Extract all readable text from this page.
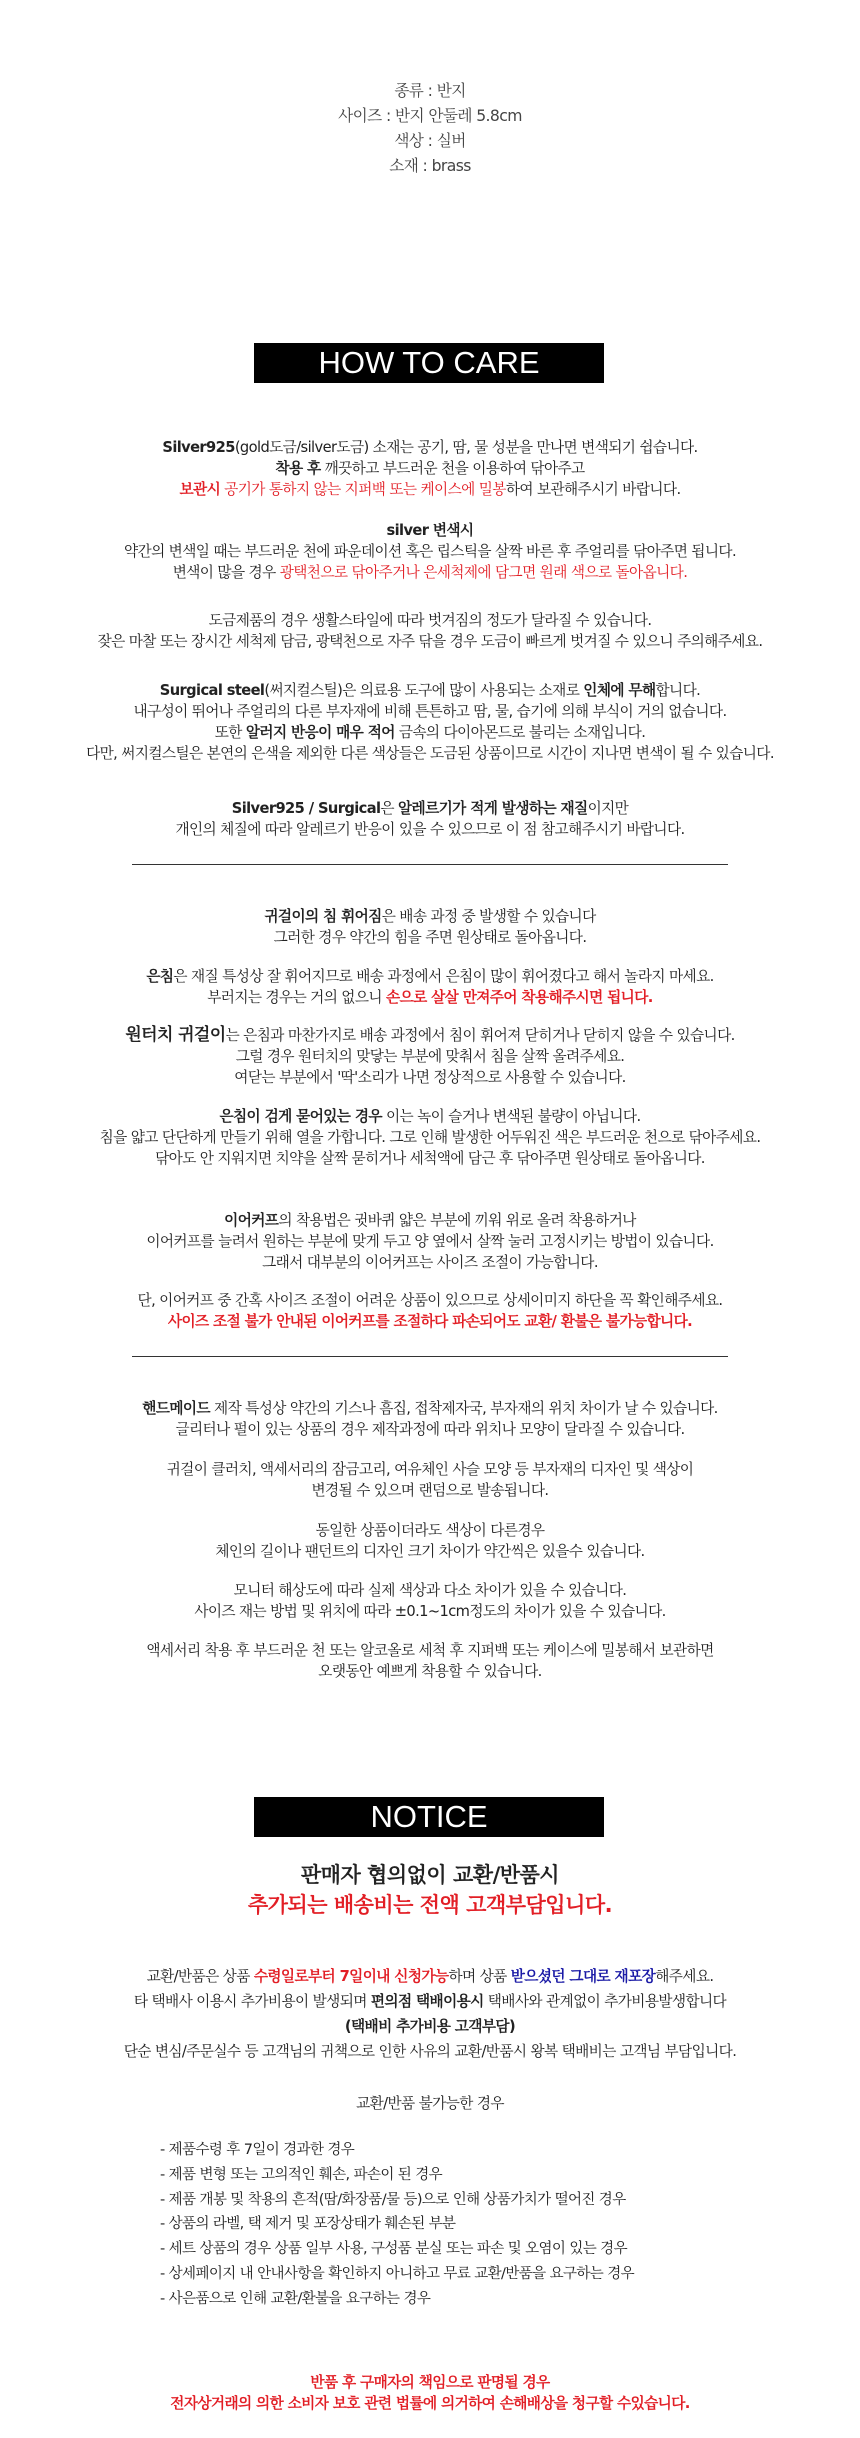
종류 : 반지
사이즈 : 반지 안둘레 5.8cm
색상 : 실버
소재 : brass
HOW TO CARE
Silver925(gold도금/silver도금) 소재는 공기, 땀, 물 성분을 만나면 변색되기 쉽습니다.
착용 후 깨끗하고 부드러운 천을 이용하여 닦아주고
보관시 공기가 통하지 않는 지퍼백 또는 케이스에 밀봉하여 보관해주시기 바랍니다.
silver 변색시
약간의 변색일 때는 부드러운 천에 파운데이션 혹은 립스틱을 살짝 바른 후 주얼리를 닦아주면 됩니다.
변색이 많을 경우 광택천으로 닦아주거나 은세척제에 담그면 원래 색으로 돌아옵니다.
도금제품의 경우 생활스타일에 따라 벗겨짐의 정도가 달라질 수 있습니다.
잦은 마찰 또는 장시간 세척제 담금, 광택천으로 자주 닦을 경우 도금이 빠르게 벗겨질 수 있으니 주의해주세요.
Surgical steel(써지컬스틸)은 의료용 도구에 많이 사용되는 소재로 인체에 무해합니다.
내구성이 뛰어나 주얼리의 다른 부자재에 비해 튼튼하고 땀, 물, 습기에 의해 부식이 거의 없습니다.
또한 알러지 반응이 매우 적어 금속의 다이아몬드로 불리는 소재입니다.
다만, 써지컬스틸은 본연의 은색을 제외한 다른 색상들은 도금된 상품이므로 시간이 지나면 변색이 될 수 있습니다.
Silver925 / Surgical은 알레르기가 적게 발생하는 재질이지만
개인의 체질에 따라 알레르기 반응이 있을 수 있으므로 이 점 참고해주시기 바랍니다.
귀걸이의 침 휘어짐은 배송 과정 중 발생할 수 있습니다
그러한 경우 약간의 힘을 주면 원상태로 돌아옵니다.
은침은 재질 특성상 잘 휘어지므로 배송 과정에서 은침이 많이 휘어졌다고 해서 놀라지 마세요.
부러지는 경우는 거의 없으니 손으로 살살 만져주어 착용해주시면 됩니다.
원터치 귀걸이는 은침과 마찬가지로 배송 과정에서 침이 휘어져 닫히거나 닫히지 않을 수 있습니다.
그럴 경우 원터치의 맞닿는 부분에 맞춰서 침을 살짝 올려주세요.
여닫는 부분에서 '딱'소리가 나면 정상적으로 사용할 수 있습니다.
은침이 검게 묻어있는 경우 이는 녹이 슬거나 변색된 불량이 아닙니다.
침을 얇고 단단하게 만들기 위해 열을 가합니다. 그로 인해 발생한 어두워진 색은 부드러운 천으로 닦아주세요.
닦아도 안 지워지면 치약을 살짝 묻히거나 세척액에 담근 후 닦아주면 원상태로 돌아옵니다.
이어커프의 착용법은 귓바퀴 얇은 부분에 끼워 위로 올려 착용하거나
이어커프를 늘려서 원하는 부분에 맞게 두고 양 옆에서 살짝 눌러 고정시키는 방법이 있습니다.
그래서 대부분의 이어커프는 사이즈 조절이 가능합니다.
단, 이어커프 중 간혹 사이즈 조절이 어려운 상품이 있으므로 상세이미지 하단을 꼭 확인해주세요.
사이즈 조절 불가 안내된 이어커프를 조절하다 파손되어도 교환/ 환불은 불가능합니다.
핸드메이드 제작 특성상 약간의 기스나 흠집, 접착제자국, 부자재의 위치 차이가 날 수 있습니다.
글리터나 펄이 있는 상품의 경우 제작과정에 따라 위치나 모양이 달라질 수 있습니다.
귀걸이 클러치, 액세서리의 잠금고리, 여유체인 사슬 모양 등 부자재의 디자인 및 색상이
변경될 수 있으며 랜덤으로 발송됩니다.
동일한 상품이더라도 색상이 다른경우
체인의 길이나 팬던트의 디자인 크기 차이가 약간씩은 있을수 있습니다.
모니터 해상도에 따라 실제 색상과 다소 차이가 있을 수 있습니다.
사이즈 재는 방법 및 위치에 따라 ±0.1~1cm정도의 차이가 있을 수 있습니다.
액세서리 착용 후 부드러운 천 또는 알코올로 세척 후 지퍼백 또는 케이스에 밀봉해서 보관하면
오랫동안 예쁘게 착용할 수 있습니다.
NOTICE
판매자 협의없이 교환/반품시
추가되는 배송비는 전액 고객부담입니다.
교환/반품은 상품 수령일로부터 7일이내 신청가능하며 상품 받으셨던 그대로 재포장해주세요.
타 택배사 이용시 추가비용이 발생되며 편의점 택배이용시 택배사와 관계없이 추가비용발생합니다
(택배비 추가비용 고객부담)
단순 변심/주문실수 등 고객님의 귀책으로 인한 사유의 교환/반품시 왕복 택배비는 고객님 부담입니다.
교환/반품 불가능한 경우
- 제품수령 후 7일이 경과한 경우
- 제품 변형 또는 고의적인 훼손, 파손이 된 경우
- 제품 개봉 및 착용의 흔적(땀/화장품/물 등)으로 인해 상품가치가 떨어진 경우
- 상품의 라벨, 택 제거 및 포장상태가 훼손된 부분
- 세트 상품의 경우 상품 일부 사용, 구성품 분실 또는 파손 및 오염이 있는 경우
- 상세페이지 내 안내사항을 확인하지 아니하고 무료 교환/반품을 요구하는 경우
- 사은품으로 인해 교환/환불을 요구하는 경우
반품 후 구매자의 책임으로 판명될 경우
전자상거래의 의한 소비자 보호 관련 법률에 의거하여 손해배상을 청구할 수있습니다.
